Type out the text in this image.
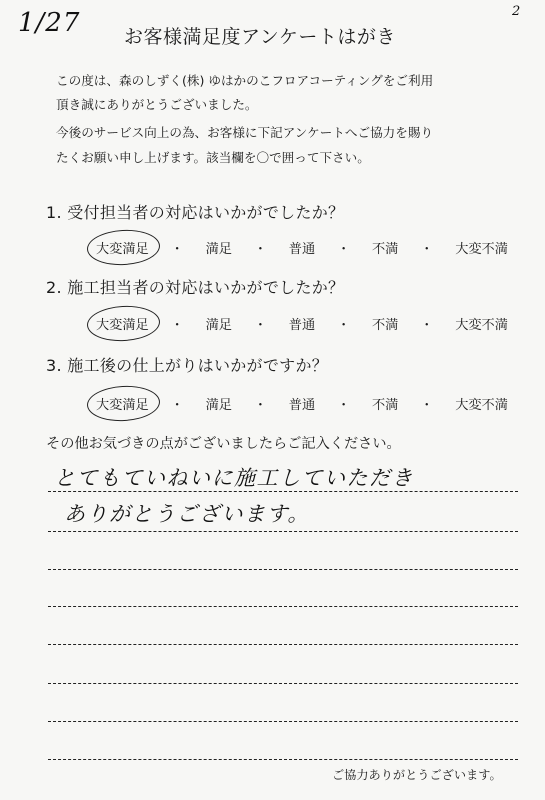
1/27	2
お客様満足度アンケートはがき
この度は、森のしずく(株) ゆはかのこフロアコーティングをご利用
頂き誠にありがとうございました。
今後のサービス向上の為、お客様に下記アンケートへご協力を賜り
たくお願い申し上げます。該当欄を〇で囲って下さい。
1. 受付担当者の対応はいかがでしたか？
大変満足	・	満足	・	普通	・	不満	・	大変不満
2. 施工担当者の対応はいかがでしたか？
大変満足	・	満足	・	普通	・	不満	・	大変不満
3. 施工後の仕上がりはいかがですか？
大変満足	・	満足	・	普通	・	不満	・	大変不満
その他お気づきの点がございましたらご記入ください。
とてもていねいに施工していただき
ありがとうございます。
ご協力ありがとうございます。
